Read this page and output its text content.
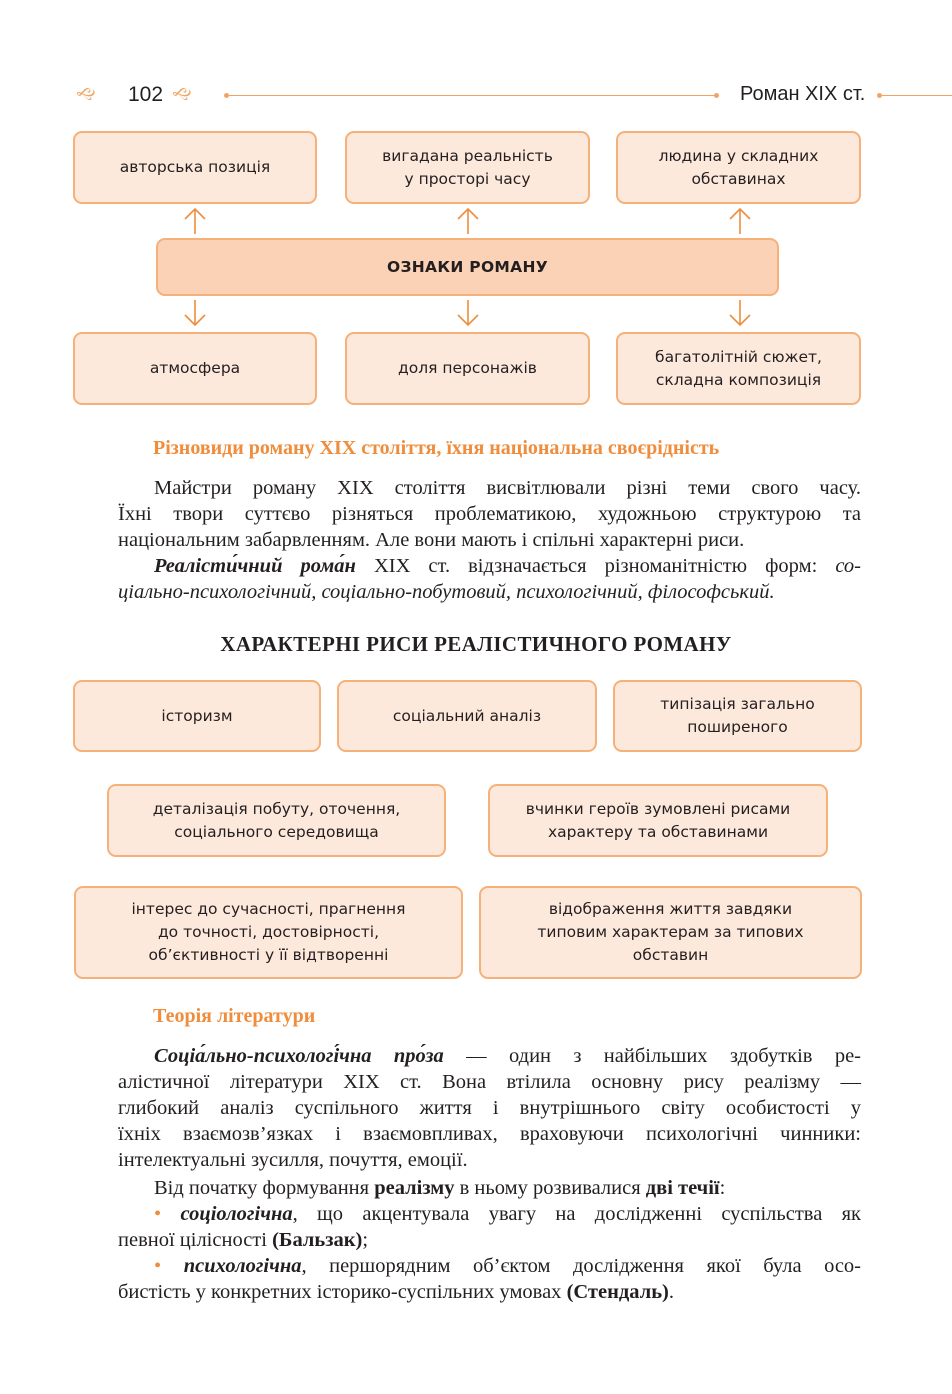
🙙 102 🙙	Роман ХІХ ст.
авторська позиція
вигадана реальність
у просторі часу
людина у складних
обставинах
ОЗНАКИ РОМАНУ
атмосфера	доля персонажів
багатолітній сюжет,
складна композиція
Різновиди роману ХІХ століття, їхня національна своєрідність
Майстри роману ХІХ століття висвітлювали різні теми свого часу.
Їхні твори суттєво різняться проблематикою, художньою структурою та
національним забарвленням. Але вони мають і спільні характерні риси.
Реалісти́чний рома́н ХІХ ст. відзначається різноманітністю форм: со-
ціально-психологічний, соціально-побутовий, психологічний, філософський.
ХАРАКТЕРНІ РИСИ РЕАЛІСТИЧНОГО РОМАНУ
історизм	соціальний аналіз
типізація загально
поширеного
деталізація побуту, оточення,
соціального середовища
вчинки героїв зумовлені рисами
характеру та обставинами
інтерес до сучасності, прагнення
до точності, достовірності,
об’єктивності у її відтворенні
відображення життя завдяки
типовим характерам за типових
обставин
Теорія літератури
Соціа́льно-психологі́чна про́за — один з найбільших здобутків ре-
алістичної літератури ХІХ ст. Вона втілила основну рису реалізму —
глибокий аналіз суспільного життя і внутрішнього світу особистості у
їхніх взаємозв’язках і взаємовпливах, враховуючи психологічні чинники:
інтелектуальні зусилля, почуття, емоції.
Від початку формування реалізму в ньому розвивалися дві течії:
• соціологічна, що акцентувала увагу на дослідженні суспільства як
певної цілісності (Бальзак);
• психологічна, першорядним об’єктом дослідження якої була осо-
бистість у конкретних історико-суспільних умовах (Стендаль).
